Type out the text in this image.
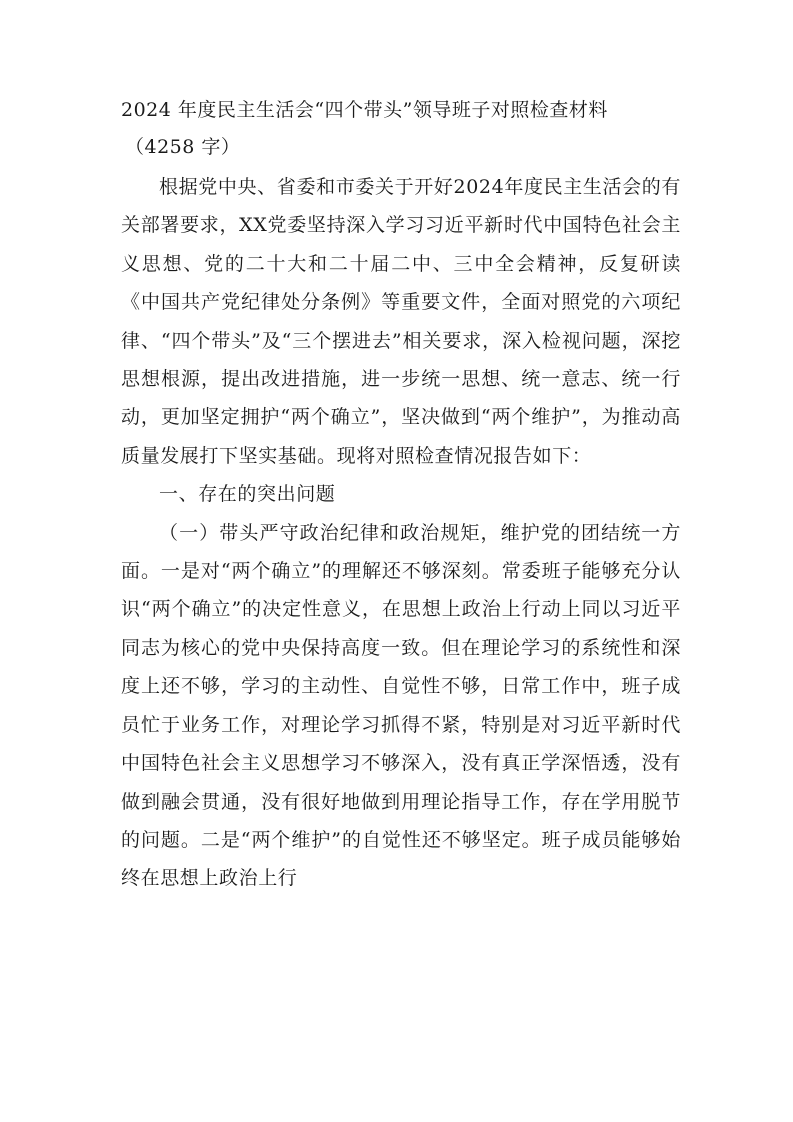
2024 年度民主生活会“四个带头”领导班子对照检查材料
（4258 字）

根据党中央、省委和市委关于开好2024年度民主生活会的有关部署要求，XX党委坚持深入学习习近平新时代中国特色社会主义思想、党的二十大和二十届二中、三中全会精神，反复研读《中国共产党纪律处分条例》等重要文件，全面对照党的六项纪律、“四个带头”及“三个摆进去”相关要求，深入检视问题，深挖思想根源，提出改进措施，进一步统一思想、统一意志、统一行动，更加坚定拥护“两个确立”，坚决做到“两个维护”，为推动高质量发展打下坚实基础。现将对照检查情况报告如下：

一、存在的突出问题

（一）带头严守政治纪律和政治规矩，维护党的团结统一方面。一是对“两个确立”的理解还不够深刻。常委班子能够充分认识“两个确立”的决定性意义，在思想上政治上行动上同以习近平同志为核心的党中央保持高度一致。但在理论学习的系统性和深度上还不够，学习的主动性、自觉性不够，日常工作中，班子成员忙于业务工作，对理论学习抓得不紧，特别是对习近平新时代中国特色社会主义思想学习不够深入，没有真正学深悟透，没有做到融会贯通，没有很好地做到用理论指导工作，存在学用脱节的问题。二是“两个维护”的自觉性还不够坚定。班子成员能够始终在思想上政治上行
